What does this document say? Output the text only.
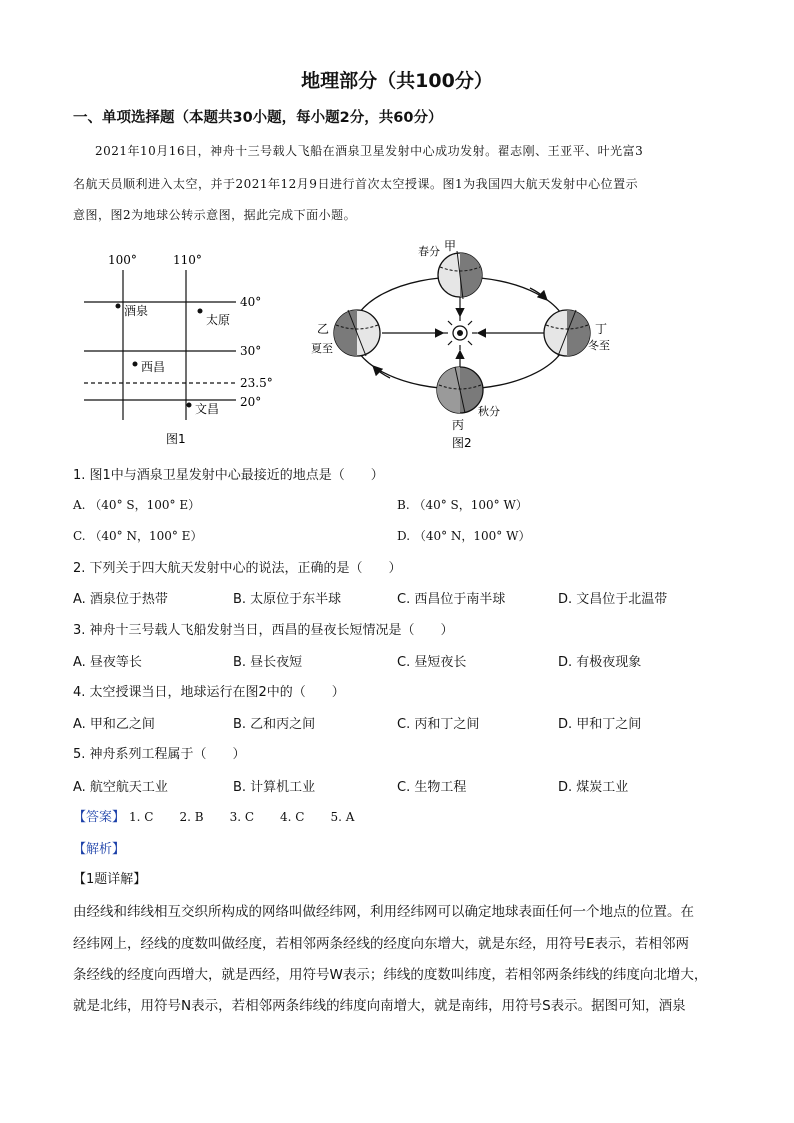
地理部分（共100分）
一、单项选择题（本题共30小题，每小题2分，共60分）
2021年10月16日，神舟十三号载人飞船在酒泉卫星发射中心成功发射。翟志刚、王亚平、叶光富3
名航天员顺利进入太空，并于2021年12月9日进行首次太空授课。图1为我国四大航天发射中心位置示
意图，图2为地球公转示意图，据此完成下面小题。
100°	110°
40°
30°
23.5°
20°
酒泉
太原
西昌
文昌
图1
春分 甲
乙
夏至
丁
冬至
秋分
丙
图2
1. 图1中与酒泉卫星发射中心最接近的地点是（　　）
A. （40° S，100° E）	B. （40° S，100° W）
C. （40° N，100° E）	D. （40° N，100° W）
2. 下列关于四大航天发射中心的说法，正确的是（　　）
A. 酒泉位于热带	B. 太原位于东半球	C. 西昌位于南半球	D. 文昌位于北温带
3. 神舟十三号载人飞船发射当日，西昌的昼夜长短情况是（　　）
A. 昼夜等长	B. 昼长夜短	C. 昼短夜长	D. 有极夜现象
4. 太空授课当日，地球运行在图2中的（　　）
A. 甲和乙之间	B. 乙和丙之间	C. 丙和丁之间	D. 甲和丁之间
5. 神舟系列工程属于（　　）
A. 航空航天工业	B. 计算机工业	C. 生物工程	D. 煤炭工业
【答案】 1. C 2. B 3. C 4. C 5. A
【解析】
【1题详解】
由经线和纬线相互交织所构成的网络叫做经纬网，利用经纬网可以确定地球表面任何一个地点的位置。在
经纬网上，经线的度数叫做经度，若相邻两条经线的经度向东增大，就是东经，用符号E表示，若相邻两
条经线的经度向西增大，就是西经，用符号W表示；纬线的度数叫纬度，若相邻两条纬线的纬度向北增大，
就是北纬，用符号N表示，若相邻两条纬线的纬度向南增大，就是南纬，用符号S表示。据图可知，酒泉
